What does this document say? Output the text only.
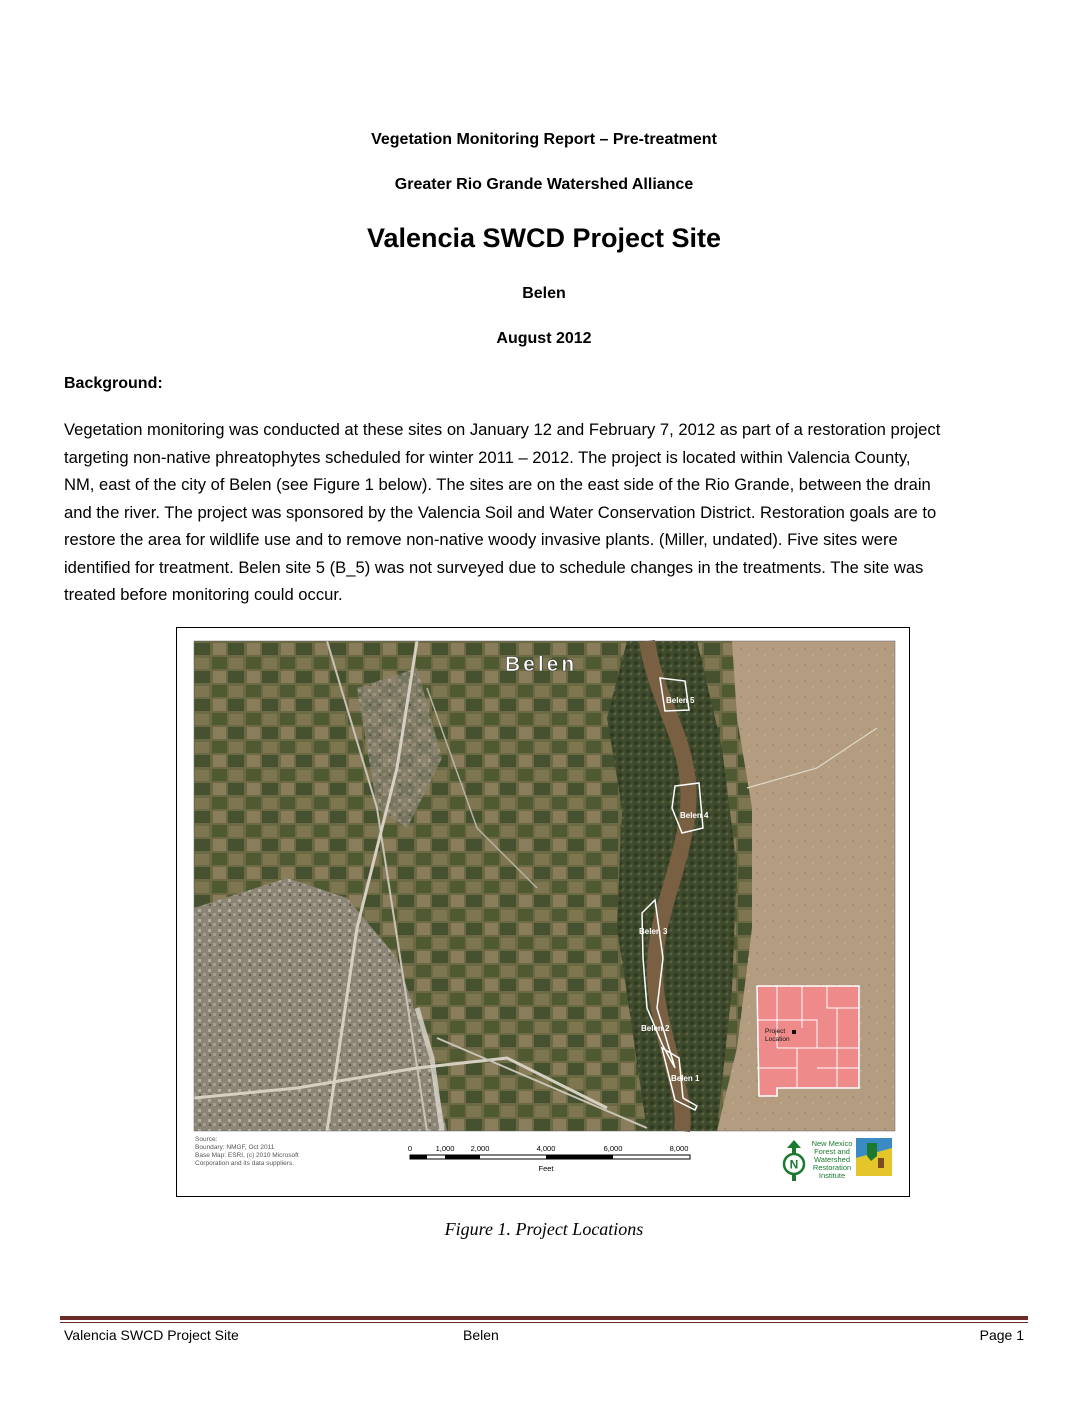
Vegetation Monitoring Report – Pre-treatment
Greater Rio Grande Watershed Alliance
Valencia SWCD Project Site
Belen
August 2012
Background:
Vegetation monitoring was conducted at these sites on January 12 and February 7, 2012 as part of a restoration project
targeting non-native phreatophytes scheduled for winter 2011 – 2012. The project is located within Valencia County,
NM, east of the city of Belen (see Figure 1 below). The sites are on the east side of the Rio Grande, between the drain
and the river. The project was sponsored by the Valencia Soil and Water Conservation District. Restoration goals are to
restore the area for wildlife use and to remove non-native woody invasive plants. (Miller, undated). Five sites were
identified for treatment. Belen site 5 (B_5) was not surveyed due to schedule changes in the treatments. The site was
treated before monitoring could occur.
Belen 5
Belen 4
Belen 3
Belen 2
Belen 1
Belen
Project
Location
Source:
Boundary: NMGF, Oct 2011
Base Map: ESRI, (c) 2010 Microsoft
Corporation and its data suppliers.
0	1,000 2,000	4,000	6,000	8,000
Feet	N
New Mexico
Forest and
Watershed
Restoration
Institute
Figure 1. Project Locations
Valencia SWCD Project Site	Belen	Page 1
